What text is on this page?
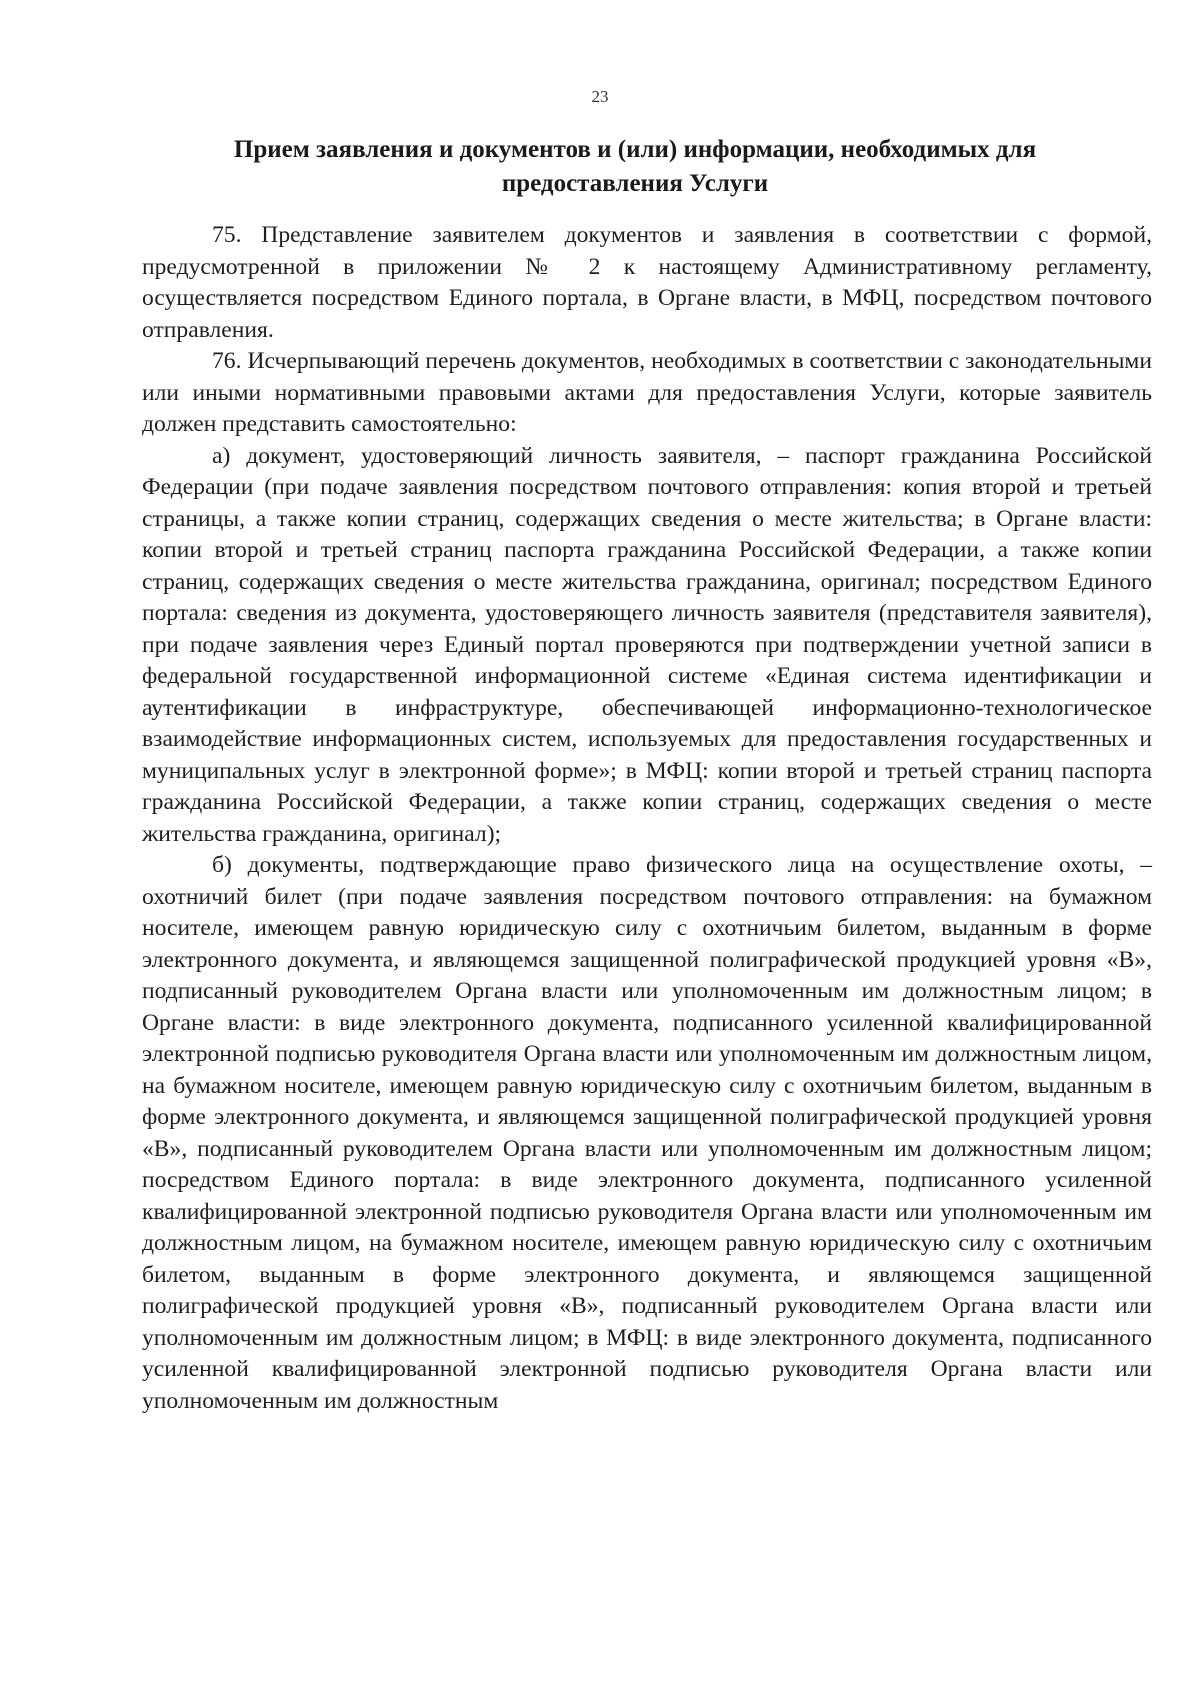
23
Прием заявления и документов и (или) информации, необходимых для предоставления Услуги

75. Представление заявителем документов и заявления в соответствии с формой, предусмотренной в приложении № 2 к настоящему Административному регламенту, осуществляется посредством Единого портала, в Органе власти, в МФЦ, посредством почтового отправления.

76. Исчерпывающий перечень документов, необходимых в соответствии с законодательными или иными нормативными правовыми актами для предоставления Услуги, которые заявитель должен представить самостоятельно:

а) документ, удостоверяющий личность заявителя, – паспорт гражданина Российской Федерации (при подаче заявления посредством почтового отправления: копия второй и третьей страницы, а также копии страниц, содержащих сведения о месте жительства; в Органе власти: копии второй и третьей страниц паспорта гражданина Российской Федерации, а также копии страниц, содержащих сведения о месте жительства гражданина, оригинал; посредством Единого портала: сведения из документа, удостоверяющего личность заявителя (представителя заявителя), при подаче заявления через Единый портал проверяются при подтверждении учетной записи в федеральной государственной информационной системе «Единая система идентификации и аутентификации в инфраструктуре, обеспечивающей информационно-технологическое взаимодействие информационных систем, используемых для предоставления государственных и муниципальных услуг в электронной форме»; в МФЦ: копии второй и третьей страниц паспорта гражданина Российской Федерации, а также копии страниц, содержащих сведения о месте жительства гражданина, оригинал);

б) документы, подтверждающие право физического лица на осуществление охоты, – охотничий билет (при подаче заявления посредством почтового отправления: на бумажном носителе, имеющем равную юридическую силу с охотничьим билетом, выданным в форме электронного документа, и являющемся защищенной полиграфической продукцией уровня «В», подписанный руководителем Органа власти или уполномоченным им должностным лицом; в Органе власти: в виде электронного документа, подписанного усиленной квалифицированной электронной подписью руководителя Органа власти или уполномоченным им должностным лицом, на бумажном носителе, имеющем равную юридическую силу с охотничьим билетом, выданным в форме электронного документа, и являющемся защищенной полиграфической продукцией уровня «В», подписанный руководителем Органа власти или уполномоченным им должностным лицом; посредством Единого портала: в виде электронного документа, подписанного усиленной квалифицированной электронной подписью руководителя Органа власти или уполномоченным им должностным лицом, на бумажном носителе, имеющем равную юридическую силу с охотничьим билетом, выданным в форме электронного документа, и являющемся защищенной полиграфической продукцией уровня «В», подписанный руководителем Органа власти или уполномоченным им должностным лицом; в МФЦ: в виде электронного документа, подписанного усиленной квалифицированной электронной подписью руководителя Органа власти или уполномоченным им должностным
